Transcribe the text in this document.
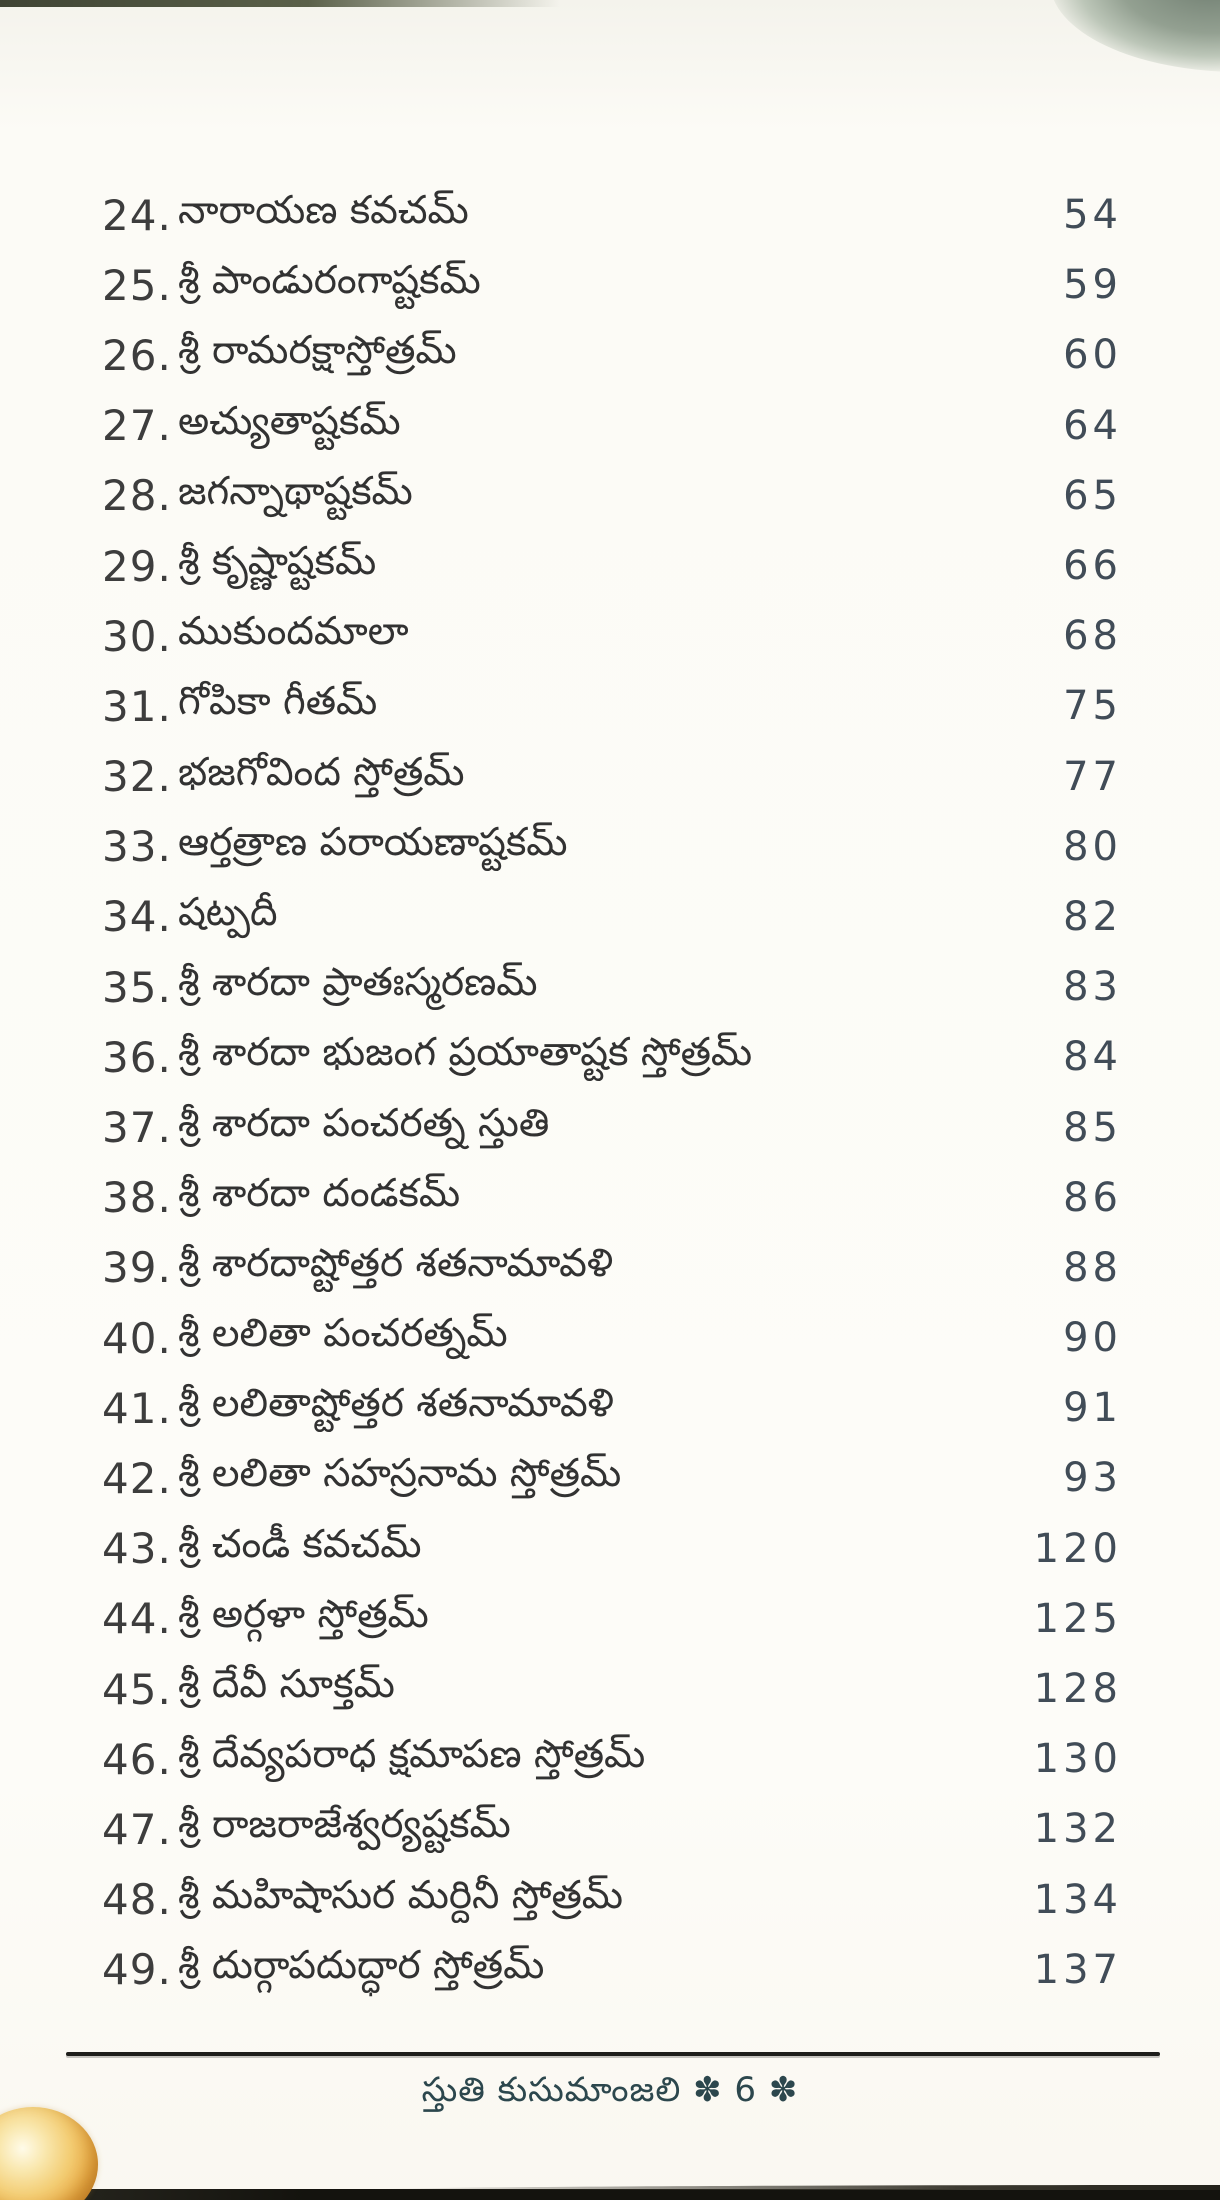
24. నారాయణ కవచమ్	54
25. శ్రీ పాండురంగాష్టకమ్	59
26. శ్రీ రామరక్షాస్తోత్రమ్	60
27. అచ్యుతాష్టకమ్	64
28. జగన్నాథాష్టకమ్	65
29. శ్రీ కృష్ణాష్టకమ్	66
30. ముకుందమాలా	68
31. గోపికా గీతమ్	75
32. భజగోవింద స్తోత్రమ్	77
33. ఆర్తత్రాణ పరాయణాష్టకమ్	80
34. షట్పదీ	82
35. శ్రీ శారదా ప్రాతఃస్మరణమ్	83
36. శ్రీ శారదా భుజంగ ప్రయాతాష్టక స్తోత్రమ్	84
37. శ్రీ శారదా పంచరత్న స్తుతి	85
38. శ్రీ శారదా దండకమ్	86
39. శ్రీ శారదాష్టోత్తర శతనామావళి	88
40. శ్రీ లలితా పంచరత్నమ్	90
41. శ్రీ లలితాష్టోత్తర శతనామావళి	91
42. శ్రీ లలితా సహస్రనామ స్తోత్రమ్	93
43. శ్రీ చండీ కవచమ్	120
44. శ్రీ అర్గళా స్తోత్రమ్	125
45. శ్రీ దేవీ సూక్తమ్	128
46. శ్రీ దేవ్యపరాధ క్షమాపణ స్తోత్రమ్	130
47. శ్రీ రాజరాజేశ్వర్యష్టకమ్	132
48. శ్రీ మహిషాసుర మర్దినీ స్తోత్రమ్	134
49. శ్రీ దుర్గాపదుద్ధార స్తోత్రమ్	137
స్తుతి కుసుమాంజలి ✽ 6 ✽
